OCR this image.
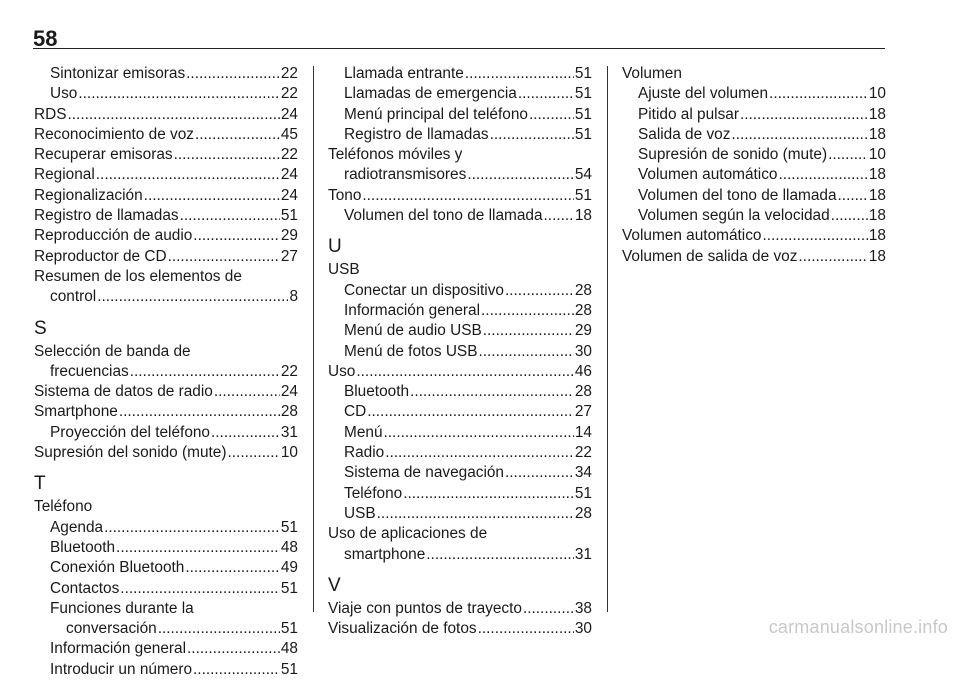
58
Sintonizar emisoras .....	22
Uso .....	22
RDS .....	24
Reconocimiento de voz .....	45
Recuperar emisoras .....	22
Regional .....	24
Regionalización .....	24
Registro de llamadas .....	51
Reproducción de audio .....	29
Reproductor de CD .....	27
Resumen de los elementos de
control .....	8
S
Selección de banda de
frecuencias .....	22
Sistema de datos de radio .....	24
Smartphone .....	28
Proyección del teléfono .....	31
Supresión del sonido (mute) .....	10
T
Teléfono
Agenda .....	51
Bluetooth .....	48
Conexión Bluetooth .....	49
Contactos .....	51
Funciones durante la
conversación .....	51
Información general .....	48
Introducir un número .....	51
Llamada entrante .....	51
Llamadas de emergencia .....	51
Menú principal del teléfono .....	51
Registro de llamadas .....	51
Teléfonos móviles y
radiotransmisores .....	54
Tono .....	51
Volumen del tono de llamada ..... 18
U
USB
Conectar un dispositivo .....	28
Información general .....	28
Menú de audio USB .....	29
Menú de fotos USB .....	30
Uso .....	46
Bluetooth .....	28
CD .....	27
Menú .....	14
Radio .....	22
Sistema de navegación .....	34
Teléfono .....	51
USB .....	28
Uso de aplicaciones de
smartphone .....	31
V
Viaje con puntos de trayecto .....	38
Visualización de fotos .....	30
Volumen
Ajuste del volumen .....	10
Pitido al pulsar .....	18
Salida de voz .....	18
Supresión de sonido (mute) .....	10
Volumen automático .....	18
Volumen del tono de llamada ..... 18
Volumen según la velocidad .....	18
Volumen automático .....	18
Volumen de salida de voz .....	18
carmanualsonline.info
